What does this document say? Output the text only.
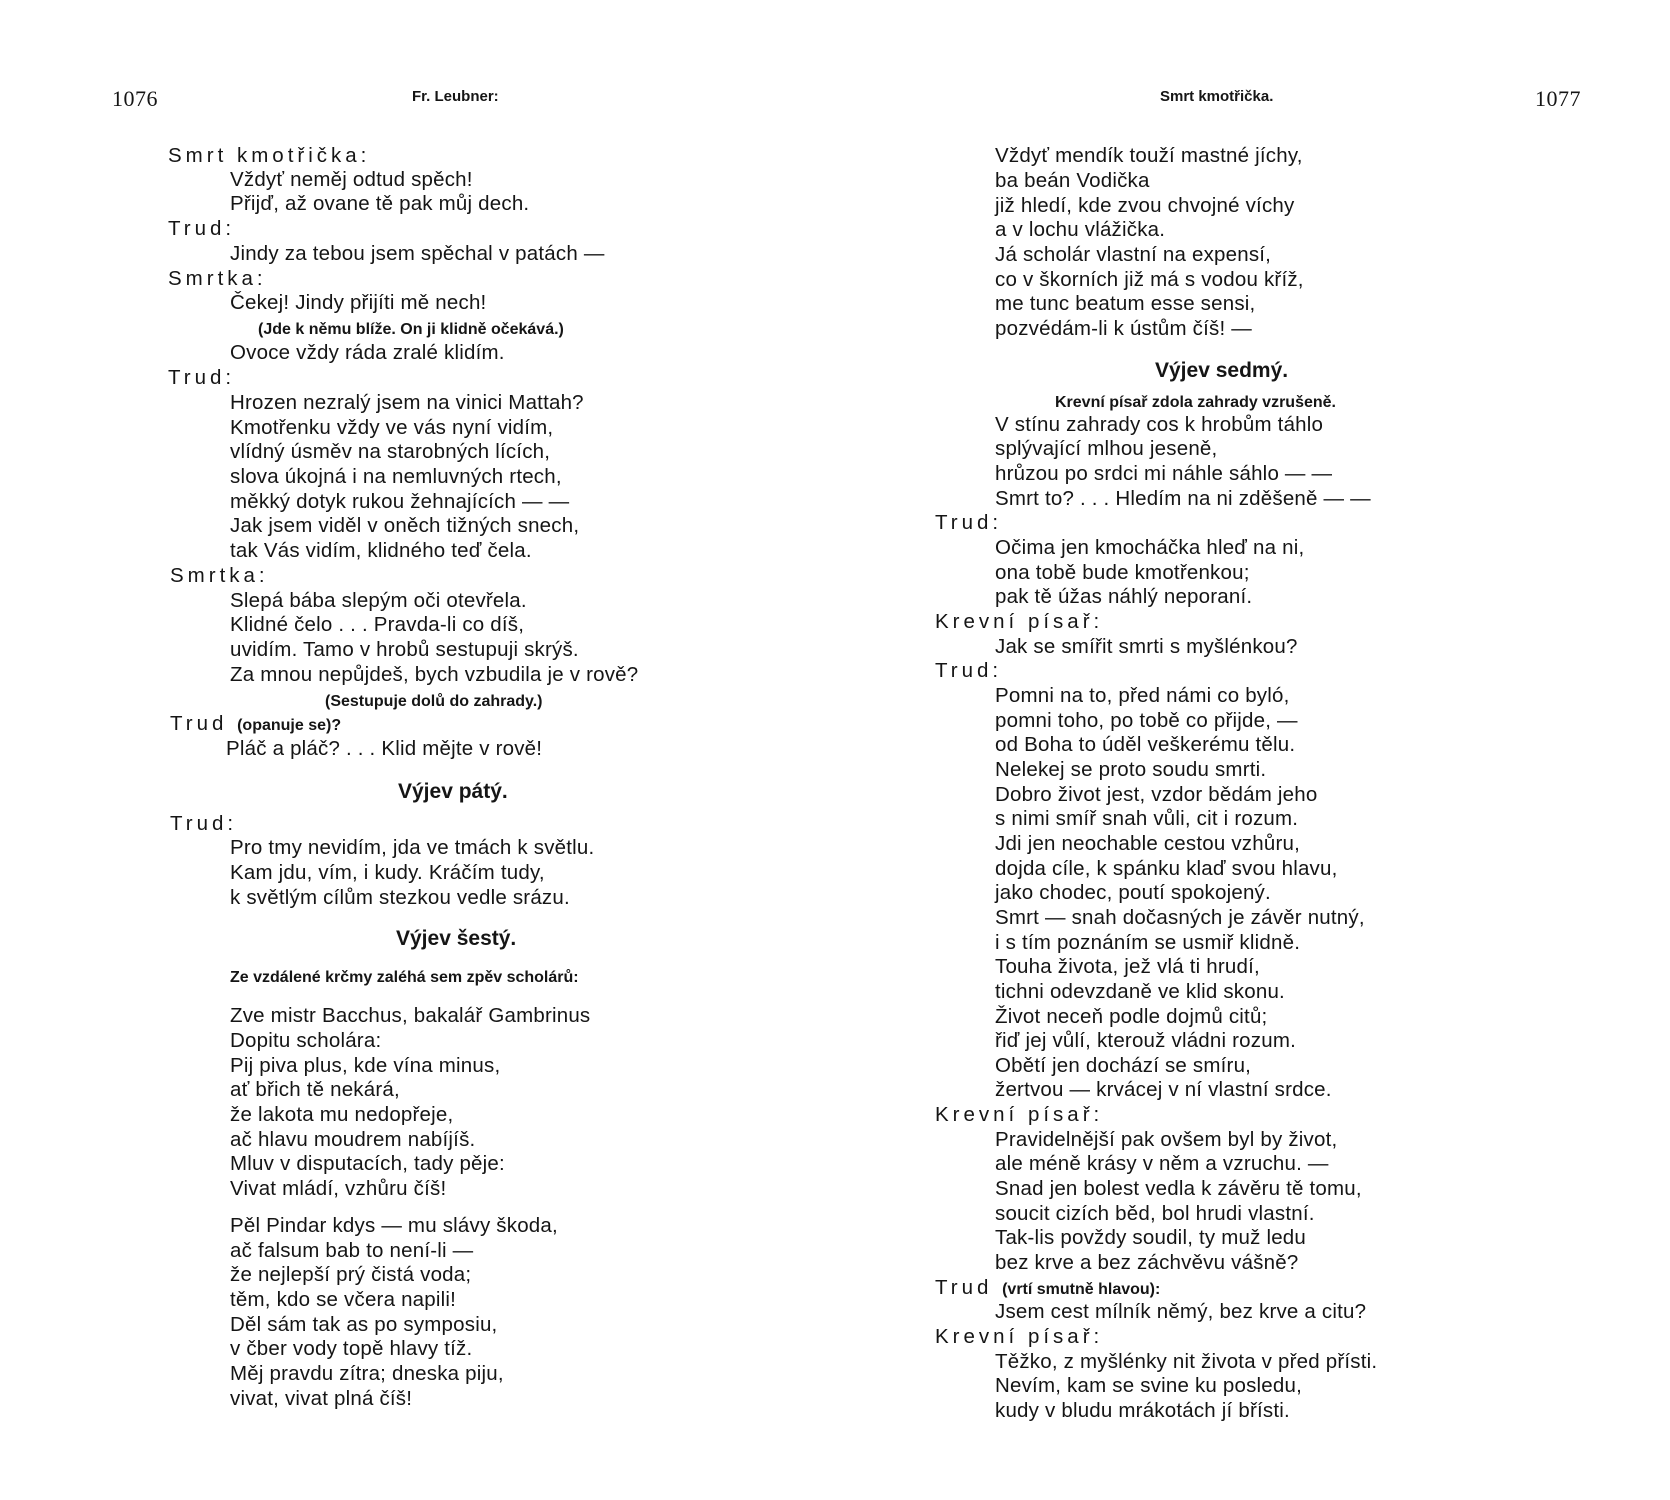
1076	Fr. Leubner:
Smrt kmotřička:
Vždyť neměj odtud spěch!
Přijď, až ovane tě pak můj dech.
Trud:
Jindy za tebou jsem spěchal v patách —
Smrtka:
Čekej! Jindy přijíti mě nech!
(Jde k němu blíže. On ji klidně očekává.)
Ovoce vždy ráda zralé klidím.
Trud:
Hrozen nezralý jsem na vinici Mattah?
Kmotřenku vždy ve vás nyní vidím,
vlídný úsměv na starobných lících,
slova úkojná i na nemluvných rtech,
měkký dotyk rukou žehnajících — —
Jak jsem viděl v oněch tižných snech,
tak Vás vidím, klidného teď čela.
Smrtka:
Slepá bába slepým oči otevřela.
Klidné čelo . . . Pravda-li co díš,
uvidím. Tamo v hrobů sestupuji skrýš.
Za mnou nepůjdeš, bych vzbudila je v rově?
(Sestupuje dolů do zahrady.)
Trud (opanuje se)?
Pláč a pláč? . . . Klid mějte v rově!
Výjev pátý.
Trud:
Pro tmy nevidím, jda ve tmách k světlu.
Kam jdu, vím, i kudy. Kráčím tudy,
k světlým cílům stezkou vedle srázu.
Výjev šestý.
Ze vzdálené krčmy zaléhá sem zpěv scholárů:
Zve mistr Bacchus, bakalář Gambrinus
Dopitu scholára:
Pij piva plus, kde vína minus,
ať břich tě nekárá,
že lakota mu nedopřeje,
ač hlavu moudrem nabíjíš.
Mluv v disputacích, tady pěje:
Vivat mládí, vzhůru číš!
Pěl Pindar kdys — mu slávy škoda,
ač falsum bab to není-li —
že nejlepší prý čistá voda;
těm, kdo se včera napili!
Děl sám tak as po symposiu,
v čber vody topě hlavy tíž.
Měj pravdu zítra; dneska piju,
vivat, vivat plná číš!
Smrt kmotřička.	1077
Vždyť mendík touží mastné jíchy,
ba beán Vodička
již hledí, kde zvou chvojné víchy
a v lochu vlážička.
Já scholár vlastní na expensí,
co v škorních již má s vodou kříž,
me tunc beatum esse sensi,
pozvédám-li k ústům číš! —
Výjev sedmý.
Krevní písař zdola zahrady vzrušeně.
V stínu zahrady cos k hrobům táhlo
splývající mlhou jeseně,
hrůzou po srdci mi náhle sáhlo — —
Smrt to? . . . Hledím na ni zděšeně — —
Trud:
Očima jen kmocháčka hleď na ni,
ona tobě bude kmotřenkou;
pak tě úžas náhlý neporaní.
Krevní písař:
Jak se smířit smrti s myšlénkou?
Trud:
Pomni na to, před námi co byló,
pomni toho, po tobě co přijde, —
od Boha to úděl veškerému tělu.
Nelekej se proto soudu smrti.
Dobro život jest, vzdor bědám jeho
s nimi smíř snah vůli, cit i rozum.
Jdi jen neochable cestou vzhůru,
dojda cíle, k spánku klaď svou hlavu,
jako chodec, poutí spokojený.
Smrt — snah dočasných je závěr nutný,
i s tím poznáním se usmiř klidně.
Touha života, jež vlá ti hrudí,
tichni odevzdaně ve klid skonu.
Život neceň podle dojmů citů;
řiď jej vůlí, kterouž vládni rozum.
Obětí jen dochází se smíru,
žertvou — krvácej v ní vlastní srdce.
Krevní písař:
Pravidelnější pak ovšem byl by život,
ale méně krásy v něm a vzruchu. —
Snad jen bolest vedla k závěru tě tomu,
soucit cizích běd, bol hrudi vlastní.
Tak-lis povždy soudil, ty muž ledu
bez krve a bez záchvěvu vášně?
Trud (vrtí smutně hlavou):
Jsem cest mílník němý, bez krve a citu?
Krevní písař:
Těžko, z myšlénky nit života v před přísti.
Nevím, kam se svine ku posledu,
kudy v bludu mrákotách jí břísti.
